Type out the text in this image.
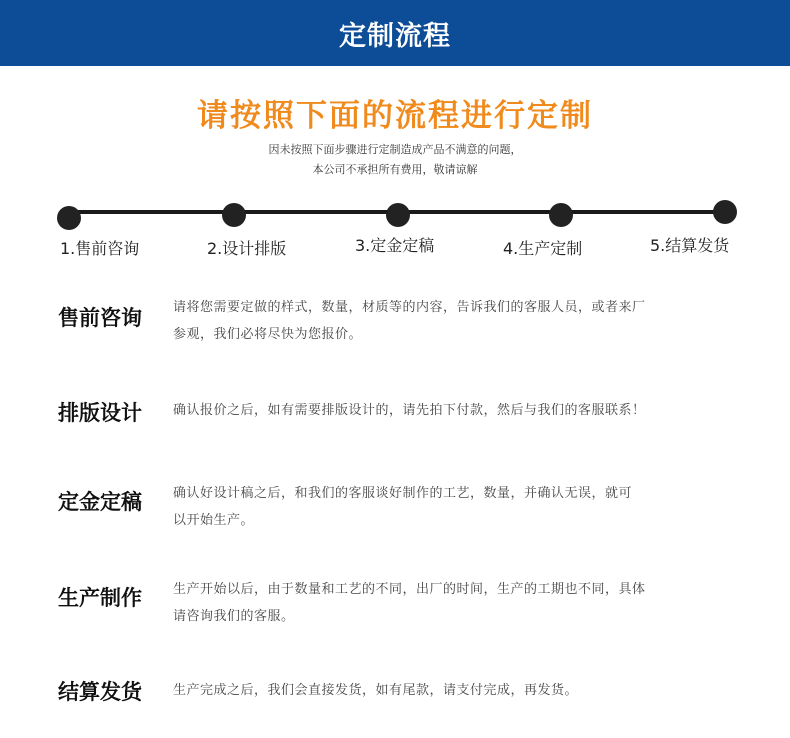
定制流程
请按照下面的流程进行定制
因未按照下面步骤进行定制造成产品不满意的问题，
本公司不承担所有费用，敬请谅解
1.售前咨询	2.设计排版	3.定金定稿	4.生产定制	5.结算发货
售前咨询 请将您需要定做的样式，数量，材质等的内容，告诉我们的客服人员，或者来厂
参观，我们必将尽快为您报价。
排版设计 确认报价之后，如有需要排版设计的，请先拍下付款，然后与我们的客服联系！
定金定稿 确认好设计稿之后，和我们的客服谈好制作的工艺，数量，并确认无误，就可
以开始生产。
生产制作 生产开始以后，由于数量和工艺的不同，出厂的时间，生产的工期也不同，具体
请咨询我们的客服。
结算发货 生产完成之后，我们会直接发货，如有尾款，请支付完成，再发货。
